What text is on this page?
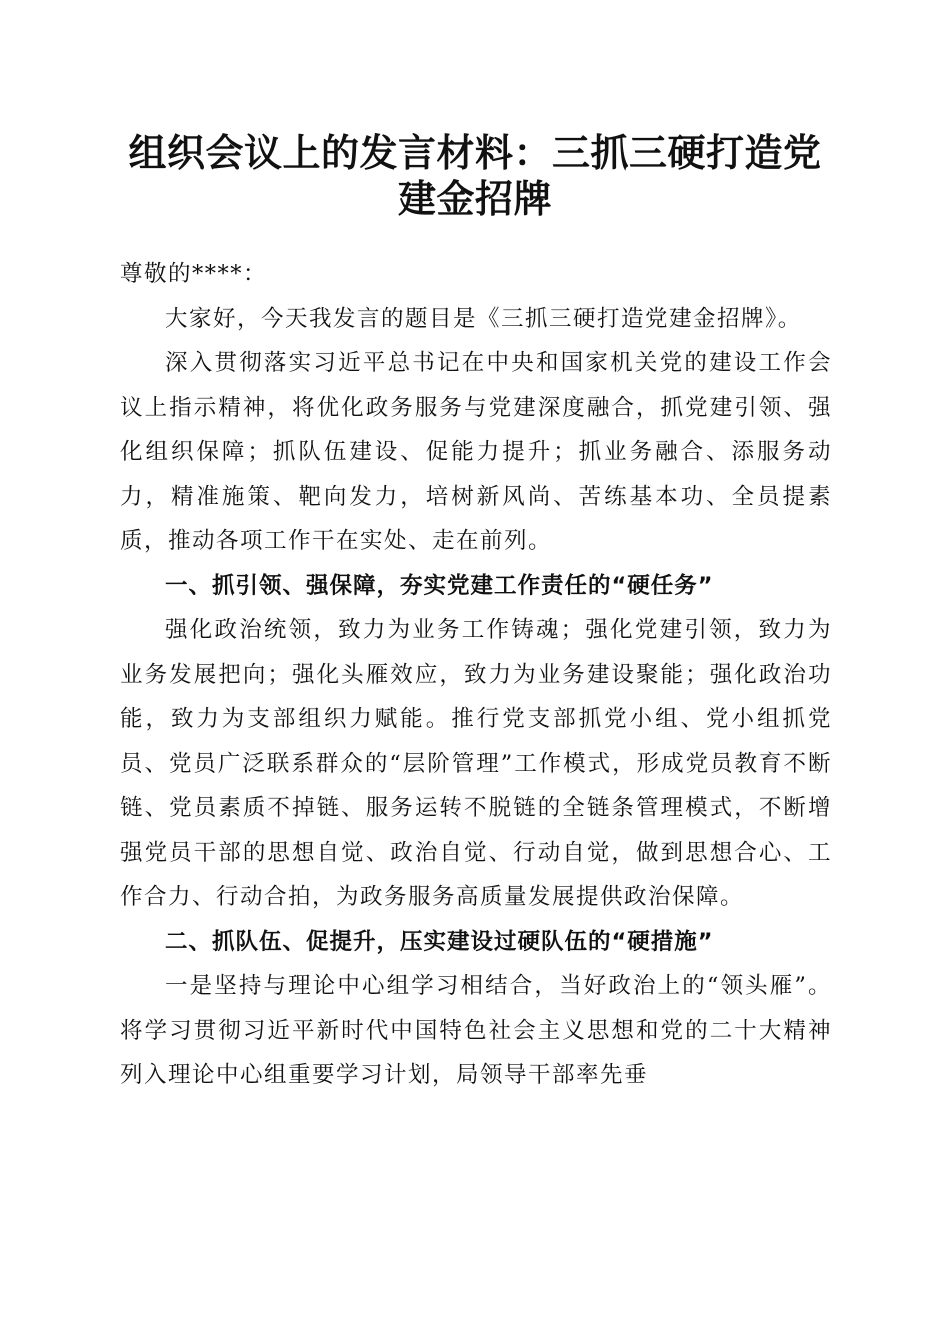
组织会议上的发言材料：三抓三硬打造党建金招牌

尊敬的****：

大家好，今天我发言的题目是《三抓三硬打造党建金招牌》。

深入贯彻落实习近平总书记在中央和国家机关党的建设工作会议上指示精神，将优化政务服务与党建深度融合，抓党建引领、强化组织保障；抓队伍建设、促能力提升；抓业务融合、添服务动力，精准施策、靶向发力，培树新风尚、苦练基本功、全员提素质，推动各项工作干在实处、走在前列。

一、抓引领、强保障，夯实党建工作责任的“硬任务”

强化政治统领，致力为业务工作铸魂；强化党建引领，致力为业务发展把向；强化头雁效应，致力为业务建设聚能；强化政治功能，致力为支部组织力赋能。推行党支部抓党小组、党小组抓党员、党员广泛联系群众的“层阶管理”工作模式，形成党员教育不断链、党员素质不掉链、服务运转不脱链的全链条管理模式，不断增强党员干部的思想自觉、政治自觉、行动自觉，做到思想合心、工作合力、行动合拍，为政务服务高质量发展提供政治保障。

二、抓队伍、促提升，压实建设过硬队伍的“硬措施”

一是坚持与理论中心组学习相结合，当好政治上的“领头雁”。将学习贯彻习近平新时代中国特色社会主义思想和党的二十大精神列入理论中心组重要学习计划，局领导干部率先垂
